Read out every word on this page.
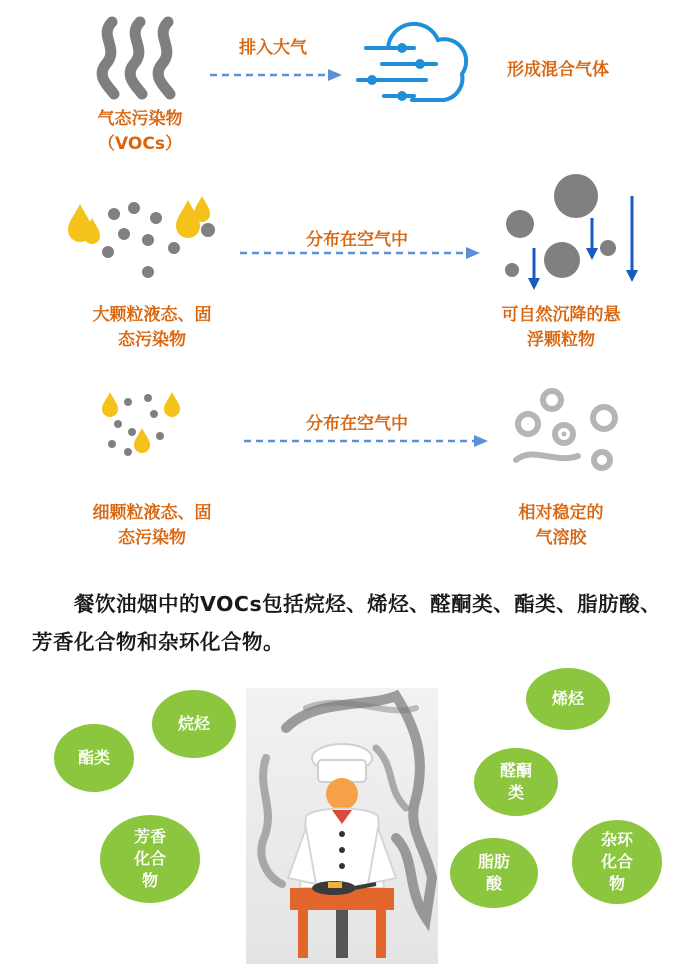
气态污染物
（VOCs）
排入大气
形成混合气体
大颗粒液态、固
态污染物
分布在空气中
可自然沉降的悬
浮颗粒物
细颗粒液态、固
态污染物
分布在空气中
相对稳定的
气溶胶
餐饮油烟中的VOCs包括烷烃、烯烃、醛酮类、酯类、脂肪酸、芳香化合物和杂环化合物。
酯类
烷烃
芳香
化合
物
烯烃
醛酮
类
脂肪
酸
杂环
化合
物
